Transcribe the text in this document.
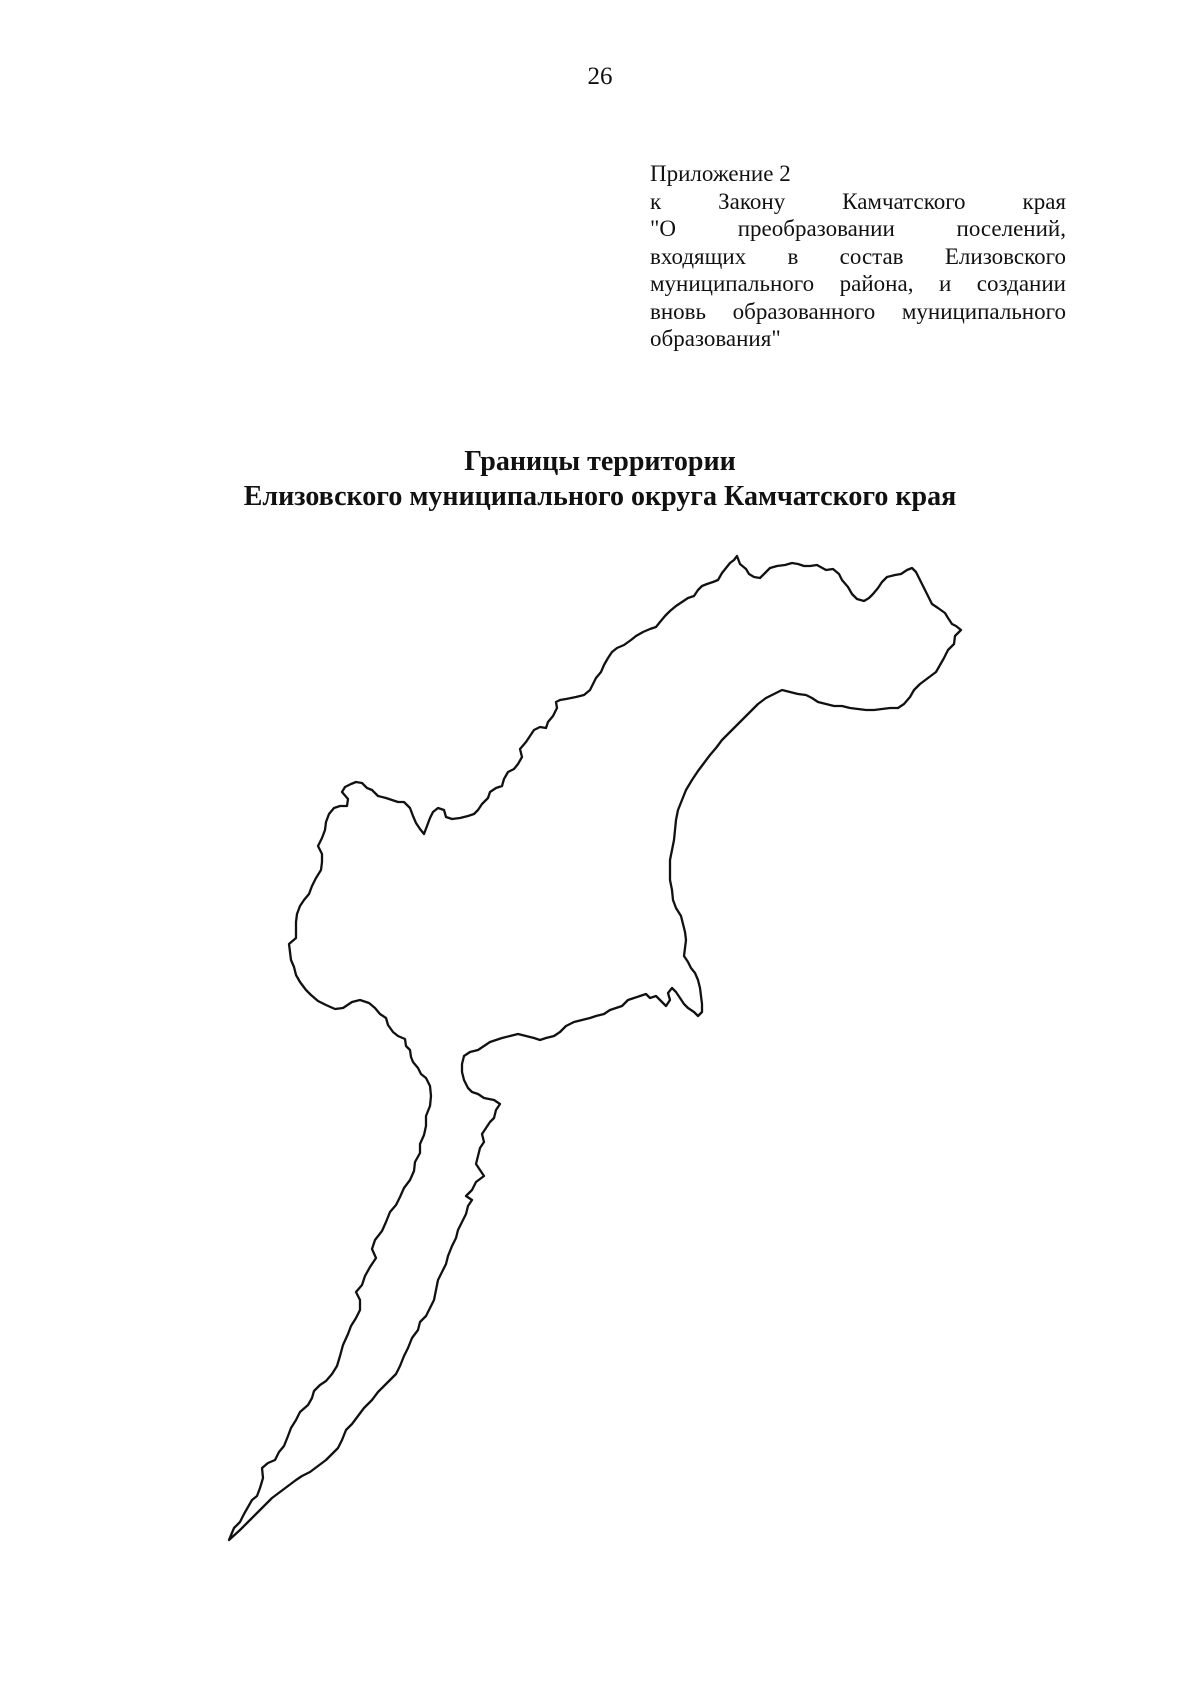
26
Приложение 2
к Закону Камчатского края
"О	преобразовании	поселений,
входящих в состав Елизовского
муниципального района, и создании
вновь образованного муниципального
образования"
Границы территории
Елизовского муниципального округа Камчатского края
